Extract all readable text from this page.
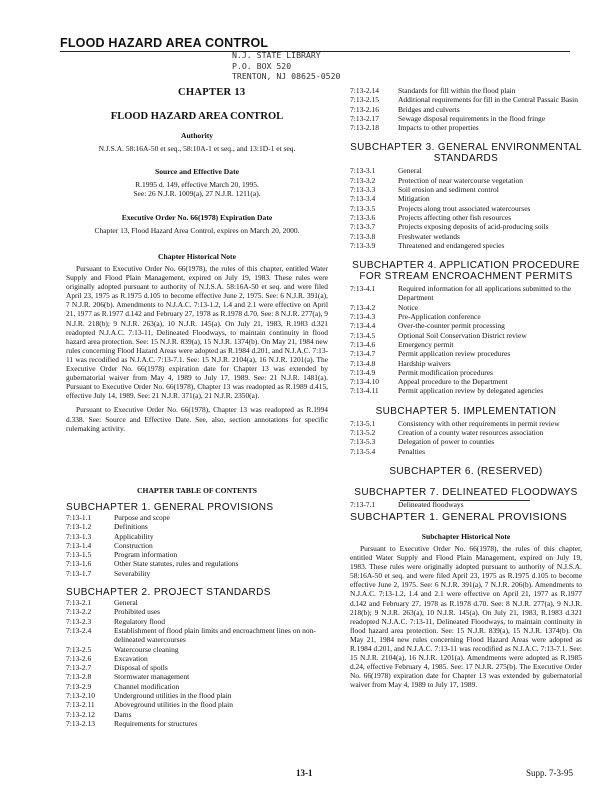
FLOOD HAZARD AREA CONTROL
N.J. STATE LIBRARY
P.O. BOX 520
TRENTON, NJ 08625-0520
CHAPTER 13
FLOOD HAZARD AREA CONTROL
Authority
N.J.S.A. 58:16A-50 et seq., 58:10A-1 et seq., and 13:1D-1 et seq.
Source and Effective Date
R.1995 d. 149, effective March 20, 1995.
See: 26 N.J.R. 1009(a), 27 N.J.R. 1211(a).
Executive Order No. 66(1978) Expiration Date
Chapter 13, Flood Hazard Area Control, expires on March 20, 2000.
Chapter Historical Note

Pursuant to Executive Order No. 66(1978), the rules of this chapter, entitled Water Supply and Flood Plain Management, expired on July 19, 1983. These rules were originally adopted pursuant to authority of N.J.S.A. 58:16A-50 et seq. and were filed April 23, 1975 as R.1975 d.105 to become effective June 2, 1975. See: 6 N.J.R. 391(a), 7 N.J.R. 206(b). Amendments to N.J.A.C. 7:13-1.2, 1.4 and 2.1 were effective on April 21, 1977 as R.1977 d.142 and February 27, 1978 as R.1978 d.70. See: 8 N.J.R. 277(a), 9 N.J.R. 218(b); 9 N.J.R. 263(a), 10 N.J.R. 145(a). On July 21, 1983, R.1983 d.321 readopted N.J.A.C. 7:13-11, Delineated Floodways, to maintain continuity in flood hazard area protection. See: 15 N.J.R. 839(a), 15 N.J.R. 1374(b). On May 21, 1984 new rules concerning Flood Hazard Areas were adopted as R.1984 d.201, and N.J.A.C. 7:13-11 was recodified as N.J.A.C. 7:13-7.1. See: 15 N.J.R. 2104(a), 16 N.J.R. 1201(a). The Executive Order No. 66(1978) expiration date for Chapter 13 was extended by gubernatorial waiver from May 4, 1989 to July 17, 1989. See: 21 N.J.R. 1481(a). Pursuant to Executive Order No. 66(1978), Chapter 13 was readopted as R.1989 d.415, effective July 14, 1989. See: 21 N.J.R. 371(a), 21 N.J.R. 2350(a).

Pursuant to Executive Order No. 66(1978), Chapter 13 was readopted as R.1994 d.338. See: Source and Effective Date. See, also, section annotations for specific rulemaking activity.

CHAPTER TABLE OF CONTENTS
SUBCHAPTER 1. GENERAL PROVISIONS
7:13-1.1	Purpose and scope
7:13-1.2	Definitions
7:13-1.3	Applicability
7:13-1.4	Construction
7:13-1.5	Program information
7:13-1.6	Other State statutes, rules and regulations
7:13-1.7	Severability
SUBCHAPTER 2. PROJECT STANDARDS
7:13-2.1	General
7:13-2.2	Prohibited uses
7:13-2.3	Regulatory flood
7:13-2.4	Establishment of flood plain limits and encroachment lines on non-delineated watercourses
7:13-2.5	Watercourse cleaning
7:13-2.6	Excavation
7:13-2.7	Disposal of spoils
7:13-2.8	Stormwater management
7:13-2.9	Channel modification
7:13-2.10	Underground utilities in the flood plain
7:13-2.11	Aboveground utilities in the flood plain
7:13-2.12	Dams
7:13-2.13	Requirements for structures
7:13-2.14	Standards for fill within the flood plain
7:13-2.15	Additional requirements for fill in the Central Passaic Basin
7:13-2.16	Bridges and culverts
7:13-2.17	Sewage disposal requirements in the flood fringe
7:13-2.18	Impacts to other properties
SUBCHAPTER 3. GENERAL ENVIRONMENTAL STANDARDS
7:13-3.1	General
7:13-3.2	Protection of near watercourse vegetation
7:13-3.3	Soil erosion and sediment control
7:13-3.4	Mitigation
7:13-3.5	Projects along trout associated watercourses
7:13-3.6	Projects affecting other fish resources
7:13-3.7	Projects exposing deposits of acid-producing soils
7:13-3.8	Freshwater wetlands
7:13-3.9	Threatened and endangered species
SUBCHAPTER 4. APPLICATION PROCEDURE FOR STREAM ENCROACHMENT PERMITS
7:13-4.1	Required information for all applications submitted to the Department
7:13-4.2	Notice
7:13-4.3	Pre-Application conference
7:13-4.4	Over-the-counter permit processing
7:13-4.5	Optional Soil Conservation District review
7:13-4.6	Emergency permit
7:13-4.7	Permit application review procedures
7:13-4.8	Hardship waivers
7:13-4.9	Permit modification procedures
7:13-4.10	Appeal procedure to the Department
7:13-4.11	Permit application review by delegated agencies
SUBCHAPTER 5. IMPLEMENTATION
7:13-5.1	Consistency with other requirements in permit review
7:13-5.2	Creation of a county water resources association
7:13-5.3	Delegation of power to counties
7:13-5.4	Penalties
SUBCHAPTER 6. (RESERVED)
SUBCHAPTER 7. DELINEATED FLOODWAYS
7:13-7.1	Delineated floodways
SUBCHAPTER 1. GENERAL PROVISIONS
Subchapter Historical Note

Pursuant to Executive Order No. 66(1978), the rules of this chapter, entitled Water Supply and Flood Plain Management, expired on July 19, 1983. These rules were originally adopted pursuant to authority of N.J.S.A. 58:16A-50 et seq. and were filed April 23, 1975 as R.1975 d.105 to become effective June 2, 1975. See: 6 N.J.R. 391(a), 7 N.J.R. 206(b). Amendments to N.J.A.C. 7:13-1.2, 1.4 and 2.1 were effective on April 21, 1977 as R.1977 d.142 and February 27, 1978 as R.1978 d.70. See: 8 N.J.R. 277(a), 9 N.J.R. 218(b); 9 N.J.R. 263(a), 10 N.J.R. 145(a). On July 21, 1983, R.1983 d.321 readopted N.J.A.C. 7:13-11, Delineated Floodways, to maintain continuity in flood hazard area protection. See: 15 N.J.R. 839(a), 15 N.J.R. 1374(b). On May 21, 1984 new rules concerning Flood Hazard Areas were adopted as R.1984 d.201, and N.J.A.C. 7:13-11 was recodified as N.J.A.C. 7:13-7.1. See: 15 N.J.R. 2104(a), 16 N.J.R. 1201(a). Amendments were adopted as R.1985 d.24, effective February 4, 1985. See: 17 N.J.R. 275(b). The Executive Order No. 66(1978) expiration date for Chapter 13 was extended by gubernatorial waiver from May 4, 1989 to July 17, 1989.

13-1	Supp. 7-3-95
